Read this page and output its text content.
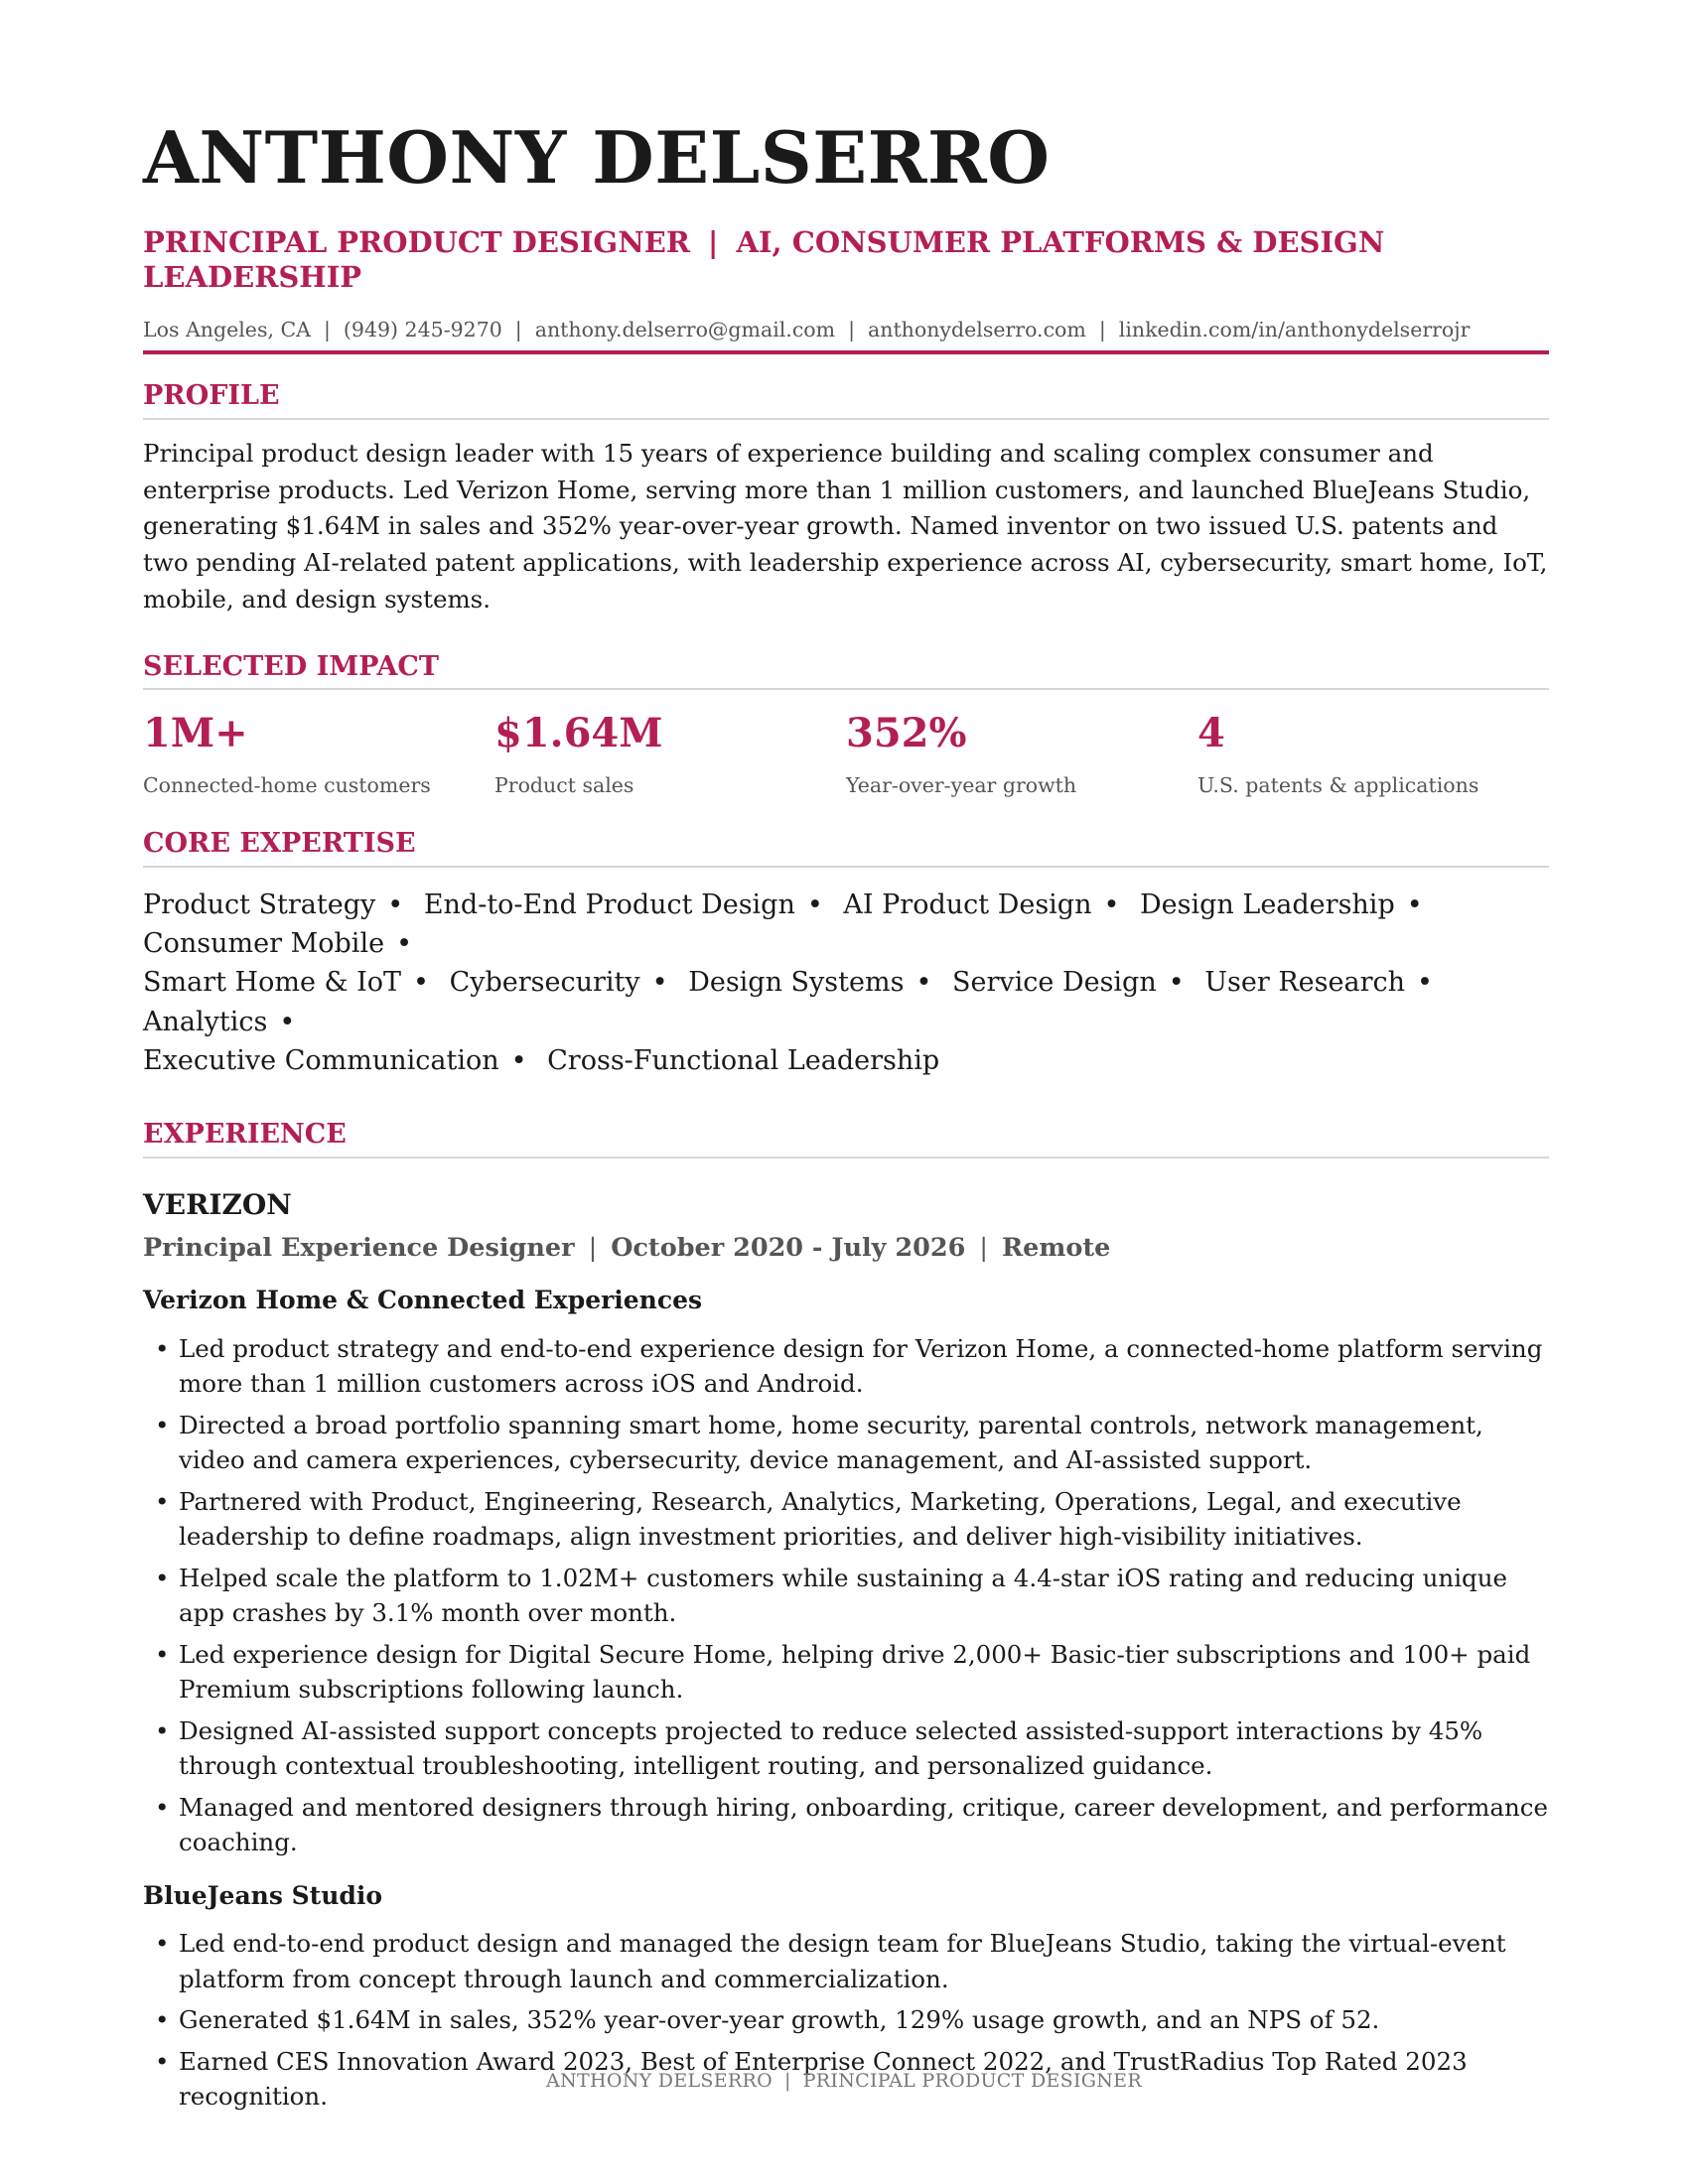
ANTHONY DELSERRO
PRINCIPAL PRODUCT DESIGNER | AI, CONSUMER PLATFORMS & DESIGN LEADERSHIP
Los Angeles, CA | (949) 245-9270 | anthony.delserro@gmail.com | anthonydelserro.com | linkedin.com/in/anthonydelserrojr
PROFILE

Principal product design leader with 15 years of experience building and scaling complex consumer and enterprise products. Led Verizon Home, serving more than 1 million customers, and launched BlueJeans Studio, generating $1.64M in sales and 352% year-over-year growth. Named inventor on two issued U.S. patents and two pending AI-related patent applications, with leadership experience across AI, cybersecurity, smart home, IoT, mobile, and design systems.

SELECTED IMPACT
1M+
Connected-home customers
$1.64M
Product sales
352%
Year-over-year growth
4
U.S. patents & applications
CORE EXPERTISE
Product Strategy • End-to-End Product Design • AI Product Design • Design Leadership • Consumer Mobile •
Smart Home & IoT • Cybersecurity • Design Systems • Service Design • User Research • Analytics •
Executive Communication • Cross-Functional Leadership
EXPERIENCE
VERIZON
Principal Experience Designer | October 2020 - July 2026 | Remote
Verizon Home & Connected Experiences
• Led product strategy and end-to-end experience design for Verizon Home, a connected-home platform serving more than 1 million customers across iOS and Android.
• Directed a broad portfolio spanning smart home, home security, parental controls, network management, video and camera experiences, cybersecurity, device management, and AI-assisted support.
• Partnered with Product, Engineering, Research, Analytics, Marketing, Operations, Legal, and executive leadership to define roadmaps, align investment priorities, and deliver high-visibility initiatives.
• Helped scale the platform to 1.02M+ customers while sustaining a 4.4-star iOS rating and reducing unique app crashes by 3.1% month over month.
• Led experience design for Digital Secure Home, helping drive 2,000+ Basic-tier subscriptions and 100+ paid Premium subscriptions following launch.
• Designed AI-assisted support concepts projected to reduce selected assisted-support interactions by 45% through contextual troubleshooting, intelligent routing, and personalized guidance.
• Managed and mentored designers through hiring, onboarding, critique, career development, and performance coaching.
BlueJeans Studio
• Led end-to-end product design and managed the design team for BlueJeans Studio, taking the virtual-event platform from concept through launch and commercialization.
• Generated $1.64M in sales, 352% year-over-year growth, 129% usage growth, and an NPS of 52.
• Earned CES Innovation Award 2023, Best of Enterprise Connect 2022, and TrustRadius Top Rated 2023 recognition.
ANTHONY DELSERRO | PRINCIPAL PRODUCT DESIGNER
